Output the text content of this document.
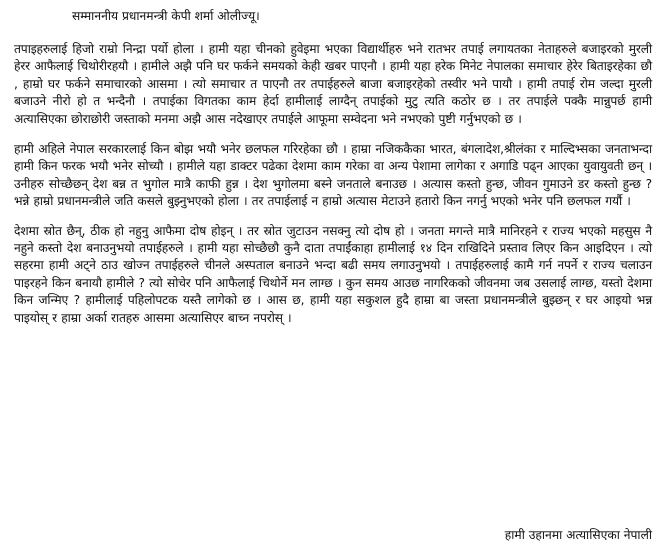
सम्माननीय प्रधानमन्त्री केपी शर्मा ओलीज्यू।

तपाइहरुलाई हिजो राम्रो निन्द्रा पर्यो होला । हामी यहा चीनको हुवेइमा भएका विद्यार्थीहरु भने रातभर तपाई लगायतका नेताहरुले बजाइरको मुरली हेरर आफैलाई चिथोरीरहयौ । हामीले अझै पनि घर फर्कने समयको केही खबर पाएनौ । हामी यहा हरेक मिनेट नेपालका समाचार हेरेर बिताइरहेका छौ , हाम्रो घर फर्कने समाचारको आसमा । त्यो समाचार त पाएनौ तर तपाईहरुले बाजा बजाइरहेको तस्वीर भने पायौ । हामी तपाई रोम जल्दा मुरली बजाउने नीरो हो त भन्दैनौ । तपाईका विगतका काम हेर्दा हामीलाई लाग्दैन् तपाईको मुटु त्यति कठोर छ । तर तपाईले पक्कै मान्नुपर्छ हामी अत्यासिएका छोराछोरी जस्ताको मनमा अझै आस नदेखाएर तपाईले आफूमा सम्वेदना भने नभएको पुष्टी गर्नुभएको छ ।

हामी अहिले नेपाल सरकारलाई किन बोझ भयौ भनेर छलफल गरिरहेका छौ । हाम्रा नजिककैका भारत, बंगलादेश,श्रीलंका र माल्दिभ्सका जनताभन्दा हामी किन फरक भयौ भनेर सोच्यौ । हामीले यहा डाक्टर पढेका देशमा काम गरेका वा अन्य पेशामा लागेका र अगाडि पढ्न आएका युवायुवती छन् । उनीहरु सोच्छैछन् देश बन्न त भुगोल मात्रै काफी हुन्न । देश भुगोलमा बस्ने जनताले बनाउछ । अत्यास कस्तो हुन्छ, जीवन गुमाउने डर कस्तो हुन्छ ? भन्ने हाम्रो प्रधानमन्त्रीले जति कसले बुझ्नुभएको होला । तर तपाईलाई न हाम्रो अत्यास मेटाउने हतारो किन नगर्नु भएको भनेर पनि छलफल गर्यौ ।

देशमा स्रोत छैन्, ठीक हो नहुनु आफैमा दोष होइन् । तर स्रोत जुटाउन नसक्नु त्यो दोष हो । जनता मगन्ते मात्रै मानिरहने र राज्य भएको महसुस नै नहुने कस्तो देश बनाउनुभयो तपाईहरुले । हामी यहा सोच्छैछौ कुनै दाता तपाईंकाहा हामीलाई १४ दिन राखिदिने प्रस्ताव लिएर किन आइदिएन । त्यो सहरमा हामी अट्ने ठाउ खोज्न तपाईहरुले चीनले अस्पताल बनाउने भन्दा बढी समय लगाउनुभयो । तपाईहरुलाई कामै गर्न नपर्ने र राज्य चलाउन पाइरहने किन बनायौ हामीले ? त्यो सोचेर पनि आफैलाई चिथोर्ने मन लाग्छ । कुन समय आउछ नागरिकको जीवनमा जब उसलाई लाग्छ, यस्तो देशमा किन जन्मिए ? हामीलाई पहिलोपटक यस्तै लागेको छ । आस छ, हामी यहा सकुशल हुदै हाम्रा बा जस्ता प्रधानमन्त्रीले बुझ्छन् र घर आइयो भन्न पाइयोस् र हाम्रा अर्का रातहरु आसमा अत्यासिएर बाच्न नपरोस् ।

हामी उहानमा अत्यासिएका नेपाली
